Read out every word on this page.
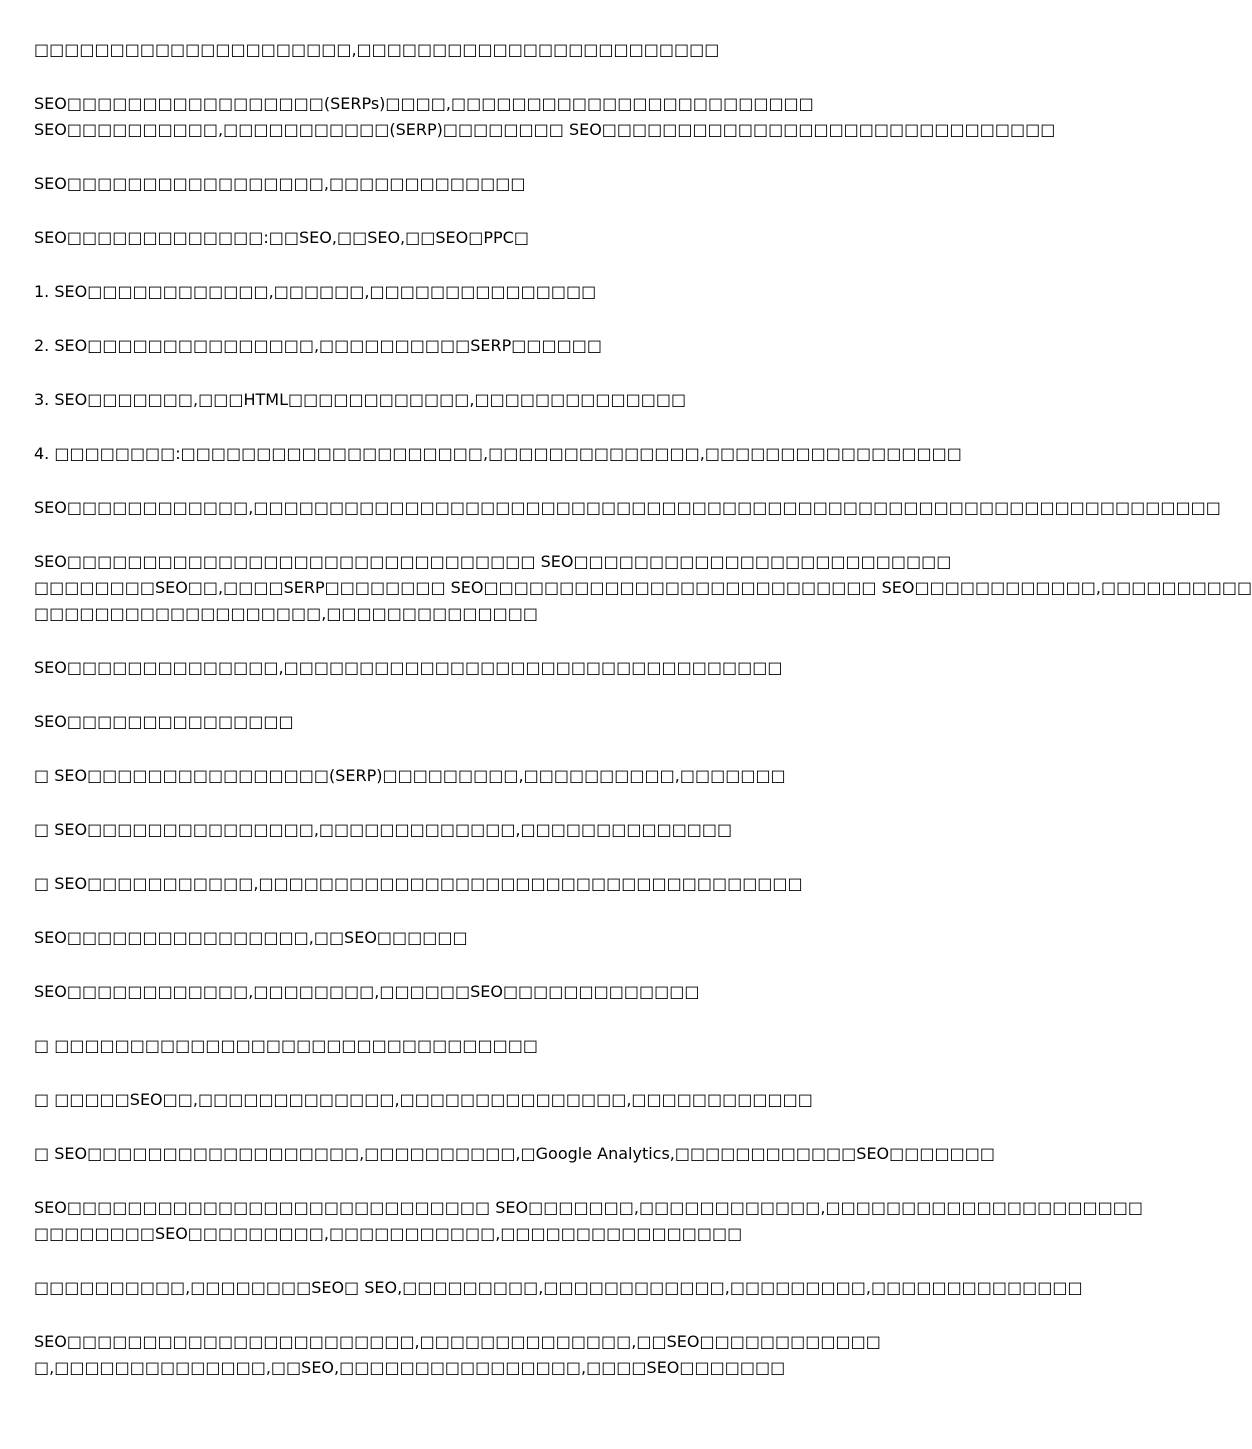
□□□□□□□□□□□□□□□□□□□□□,□□□□□□□□□□□□□□□□□□□□□□□□

SEO□□□□□□□□□□□□□□□□□(SERPs)□□□□,□□□□□□□□□□□□□□□□□□□□□□□□
SEO□□□□□□□□□□,□□□□□□□□□□□(SERP)□□□□□□□□ SEO□□□□□□□□□□□□□□□□□□□□□□□□□□□□□□

SEO□□□□□□□□□□□□□□□□□,□□□□□□□□□□□□□

SEO□□□□□□□□□□□□□:□□SEO,□□SEO,□□SEO□PPC□

1. SEO□□□□□□□□□□□□,□□□□□□,□□□□□□□□□□□□□□□

2. SEO□□□□□□□□□□□□□□□,□□□□□□□□□□SERP□□□□□□

3. SEO□□□□□□□,□□□HTML□□□□□□□□□□□□,□□□□□□□□□□□□□□

4. □□□□□□□□:□□□□□□□□□□□□□□□□□□□□,□□□□□□□□□□□□□□,□□□□□□□□□□□□□□□□□

SEO□□□□□□□□□□□□,□□□□□□□□□□□□□□□□□□□□□□□□□□□□□□□□□□□□□□□□□□□□□□□□□□□□□□□□□□□□□□□□

SEO□□□□□□□□□□□□□□□□□□□□□□□□□□□□□□□ SEO□□□□□□□□□□□□□□□□□□□□□□□□□
□□□□□□□□SEO□□,□□□□SERP□□□□□□□□ SEO□□□□□□□□□□□□□□□□□□□□□□□□□□ SEO□□□□□□□□□□□□,□□□□□□□□□□
□□□□□□□□□□□□□□□□□□□,□□□□□□□□□□□□□□

SEO□□□□□□□□□□□□□□,□□□□□□□□□□□□□□□□□□□□□□□□□□□□□□□□□

SEO□□□□□□□□□□□□□□□

□ SEO□□□□□□□□□□□□□□□□(SERP)□□□□□□□□□,□□□□□□□□□□,□□□□□□□

□ SEO□□□□□□□□□□□□□□□,□□□□□□□□□□□□□,□□□□□□□□□□□□□□

□ SEO□□□□□□□□□□□,□□□□□□□□□□□□□□□□□□□□□□□□□□□□□□□□□□□□

SEO□□□□□□□□□□□□□□□□,□□SEO□□□□□□

SEO□□□□□□□□□□□□,□□□□□□□□,□□□□□□SEO□□□□□□□□□□□□□

□ □□□□□□□□□□□□□□□□□□□□□□□□□□□□□□□□

□ □□□□□SEO□□,□□□□□□□□□□□□□,□□□□□□□□□□□□□□□,□□□□□□□□□□□□

□ SEO□□□□□□□□□□□□□□□□□□,□□□□□□□□□□,□Google Analytics,□□□□□□□□□□□□SEO□□□□□□□

SEO□□□□□□□□□□□□□□□□□□□□□□□□□□□□ SEO□□□□□□□,□□□□□□□□□□□□,□□□□□□□□□□□□□□□□□□□□□
□□□□□□□□SEO□□□□□□□□□,□□□□□□□□□□□,□□□□□□□□□□□□□□□□

□□□□□□□□□□,□□□□□□□□SEO□ SEO,□□□□□□□□□,□□□□□□□□□□□□,□□□□□□□□□,□□□□□□□□□□□□□□

SEO□□□□□□□□□□□□□□□□□□□□□□□,□□□□□□□□□□□□□□,□□SEO□□□□□□□□□□□□
□,□□□□□□□□□□□□□□,□□SEO,□□□□□□□□□□□□□□□□,□□□□SEO□□□□□□□
